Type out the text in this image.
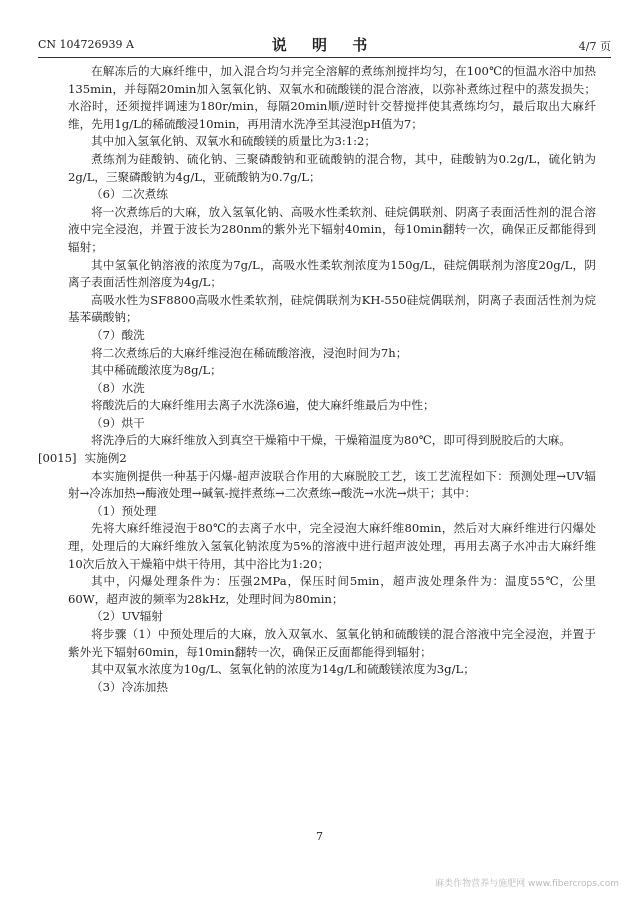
CN 104726939 A	说 明 书	4/7 页

在解冻后的大麻纤维中，加入混合均匀并完全溶解的煮练剂搅拌均匀，在100℃的恒温水浴中加热135min，并每隔20min加入氢氧化钠、双氧水和硫酸镁的混合溶液，以弥补煮练过程中的蒸发损失；水浴时，还须搅拌调速为180r/min，每隔20min顺/逆时针交替搅拌使其煮练均匀，最后取出大麻纤维，先用1g/L的稀硫酸浸10min，再用清水洗净至其浸泡pH值为7；

其中加入氢氧化钠、双氧水和硫酸镁的质量比为3:1:2；

煮练剂为硅酸钠、硫化钠、三聚磷酸钠和亚硫酸钠的混合物，其中，硅酸钠为0.2g/L，硫化钠为2g/L，三聚磷酸钠为4g/L，亚硫酸钠为0.7g/L；

（6）二次煮练

将一次煮练后的大麻，放入氢氧化钠、高吸水性柔软剂、硅烷偶联剂、阴离子表面活性剂的混合溶液中完全浸泡，并置于波长为280nm的紫外光下辐射40min，每10min翻转一次，确保正反都能得到辐射；

其中氢氧化钠溶液的浓度为7g/L，高吸水性柔软剂浓度为150g/L，硅烷偶联剂为溶度20g/L，阴离子表面活性剂溶度为4g/L；

高吸水性为SF8800高吸水性柔软剂，硅烷偶联剂为KH-550硅烷偶联剂，阴离子表面活性剂为烷基苯磺酸钠；

（7）酸洗

将二次煮练后的大麻纤维浸泡在稀硫酸溶液，浸泡时间为7h；

其中稀硫酸浓度为8g/L；

（8）水洗

将酸洗后的大麻纤维用去离子水洗涤6遍，使大麻纤维最后为中性；

（9）烘干

将洗净后的大麻纤维放入到真空干燥箱中干燥，干燥箱温度为80℃，即可得到脱胶后的大麻。

[0015] 实施例2

本实施例提供一种基于闪爆-超声波联合作用的大麻脱胶工艺，该工艺流程如下：预测处理→UV辐射→冷冻加热→酶液处理→碱氧-搅拌煮练→二次煮练→酸洗→水洗→烘干；其中：

（1）预处理

先将大麻纤维浸泡于80℃的去离子水中，完全浸泡大麻纤维80min，然后对大麻纤维进行闪爆处理，处理后的大麻纤维放入氢氧化钠浓度为5%的溶液中进行超声波处理，再用去离子水冲击大麻纤维10次后放入干燥箱中烘干待用，其中浴比为1:20；

其中，闪爆处理条件为：压强2MPa，保压时间5min，超声波处理条件为：温度55℃，公里60W，超声波的频率为28kHz，处理时间为80min；

（2）UV辐射

将步骤（1）中预处理后的大麻，放入双氧水、氢氧化钠和硫酸镁的混合溶液中完全浸泡，并置于紫外光下辐射60min，每10min翻转一次，确保正反面都能得到辐射；

其中双氧水浓度为10g/L、氢氧化钠的浓度为14g/L和硫酸镁浓度为3g/L；

（3）冷冻加热

7
麻类作物营养与施肥网 www.fibercrops.com
